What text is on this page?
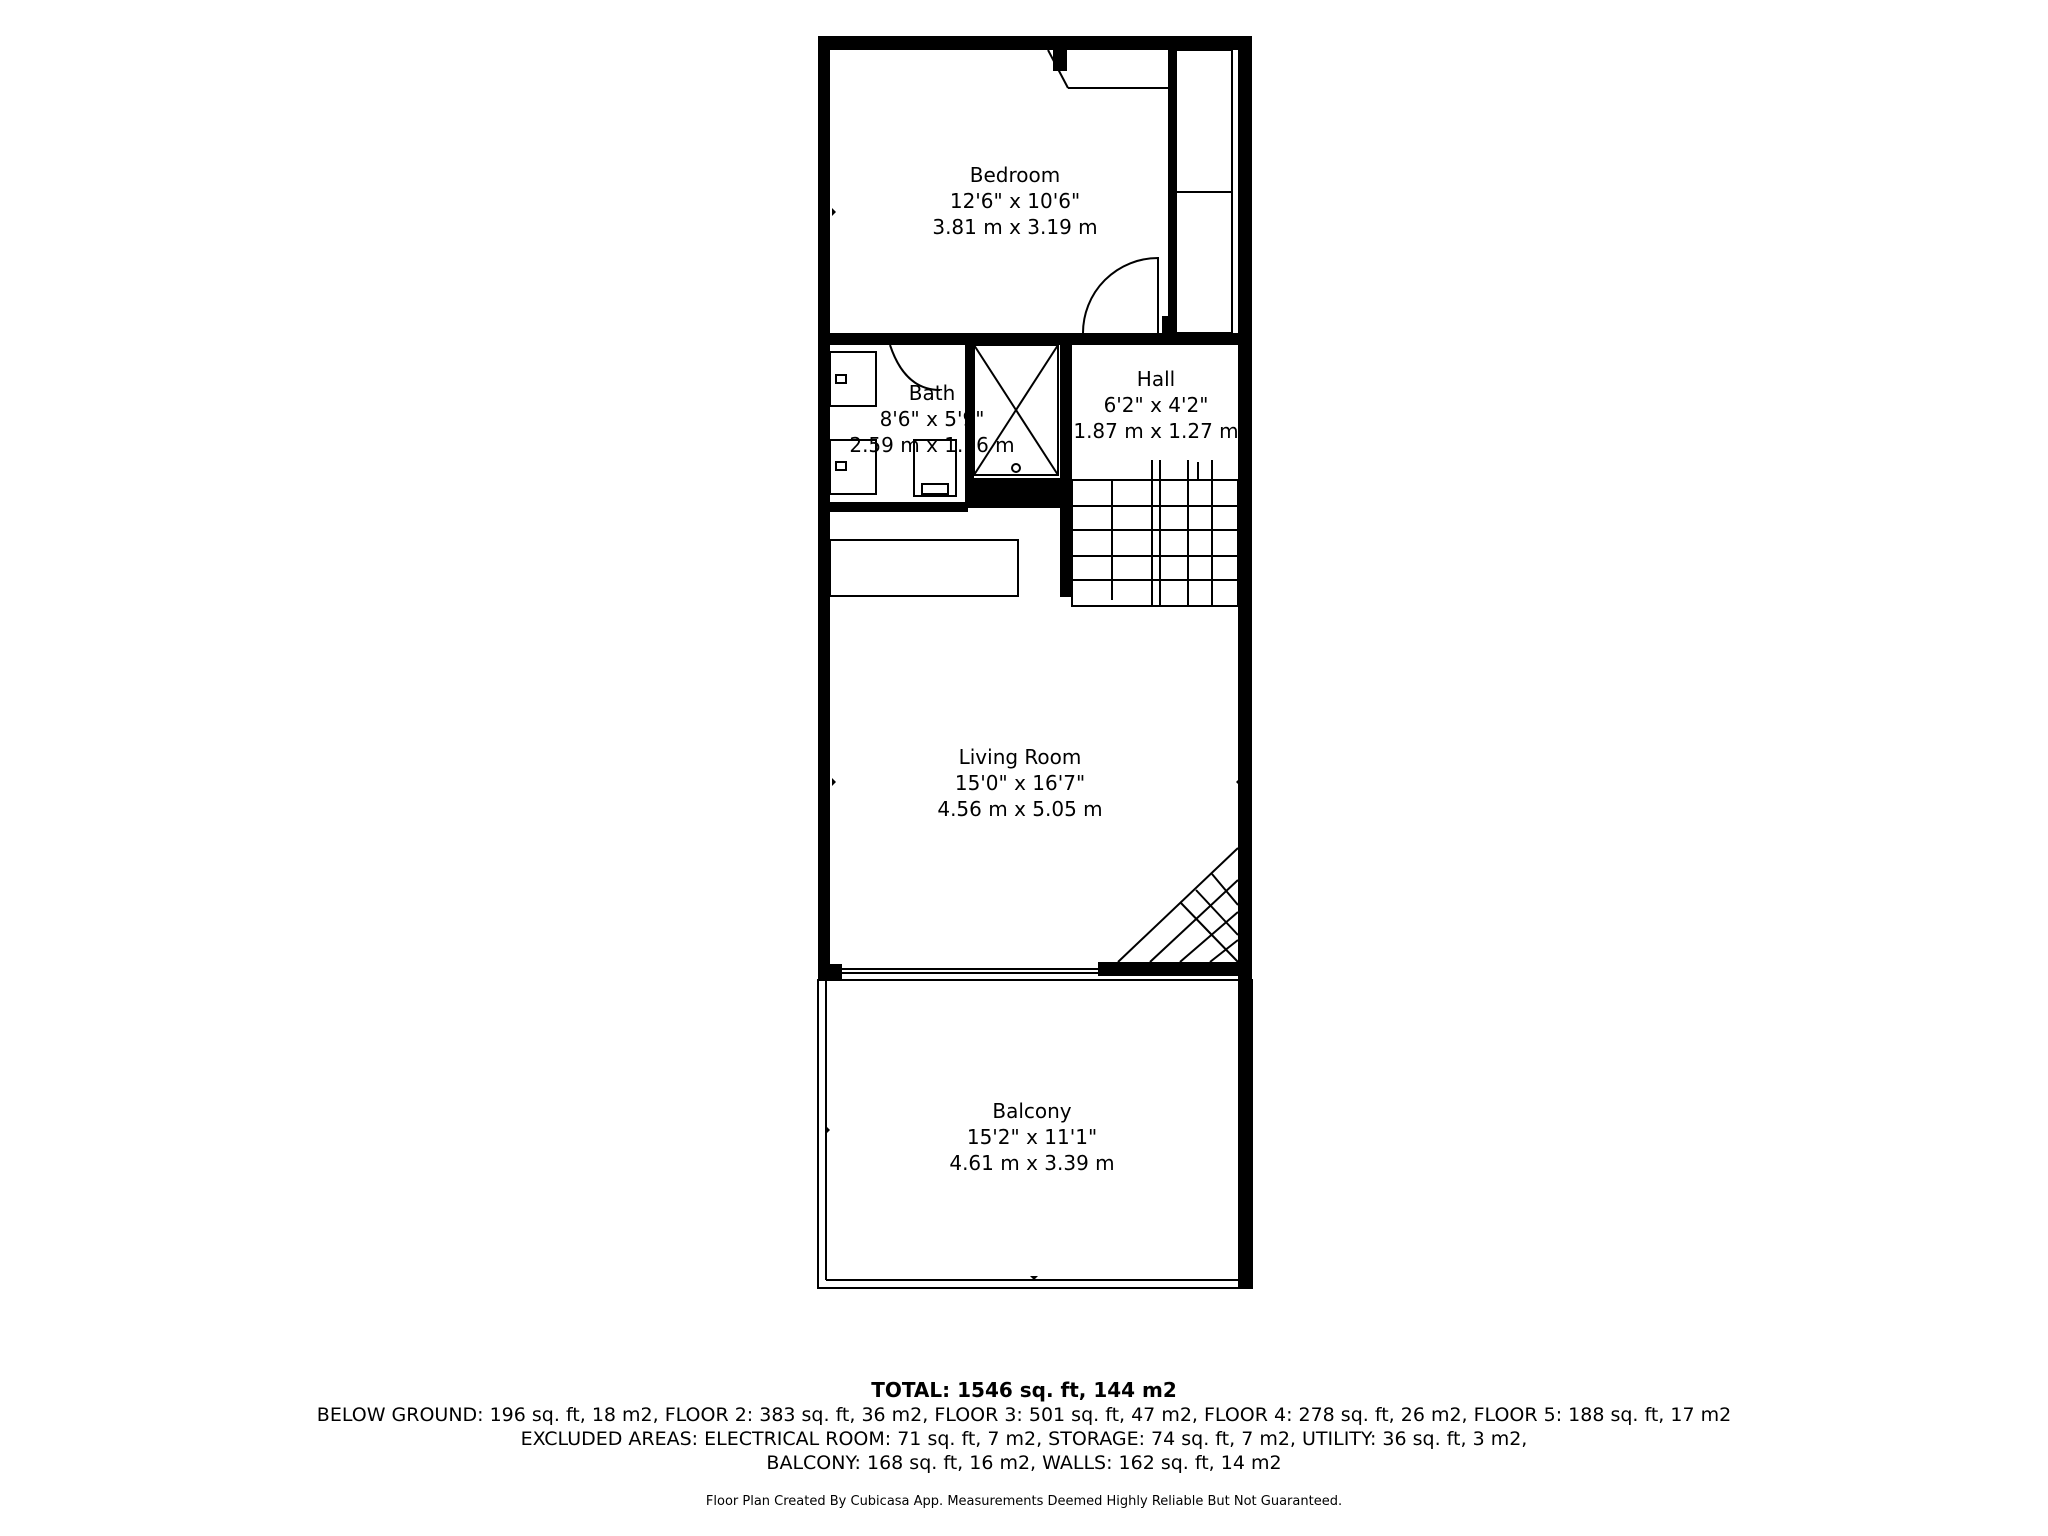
Bedroom
12'6" x 10'6"
3.81 m x 3.19 m
Bath
8'6" x 5'9"
2.59 m x 1.76 m
Hall
6'2" x 4'2"
1.87 m x 1.27 m
Living Room
15'0" x 16'7"
4.56 m x 5.05 m
Balcony
15'2" x 11'1"
4.61 m x 3.39 m
TOTAL: 1546 sq. ft, 144 m2
BELOW GROUND: 196 sq. ft, 18 m2, FLOOR 2: 383 sq. ft, 36 m2, FLOOR 3: 501 sq. ft, 47 m2, FLOOR 4: 278 sq. ft, 26 m2, FLOOR 5: 188 sq. ft, 17 m2
EXCLUDED AREAS: ELECTRICAL ROOM: 71 sq. ft, 7 m2, STORAGE: 74 sq. ft, 7 m2, UTILITY: 36 sq. ft, 3 m2,
BALCONY: 168 sq. ft, 16 m2, WALLS: 162 sq. ft, 14 m2
Floor Plan Created By Cubicasa App. Measurements Deemed Highly Reliable But Not Guaranteed.
